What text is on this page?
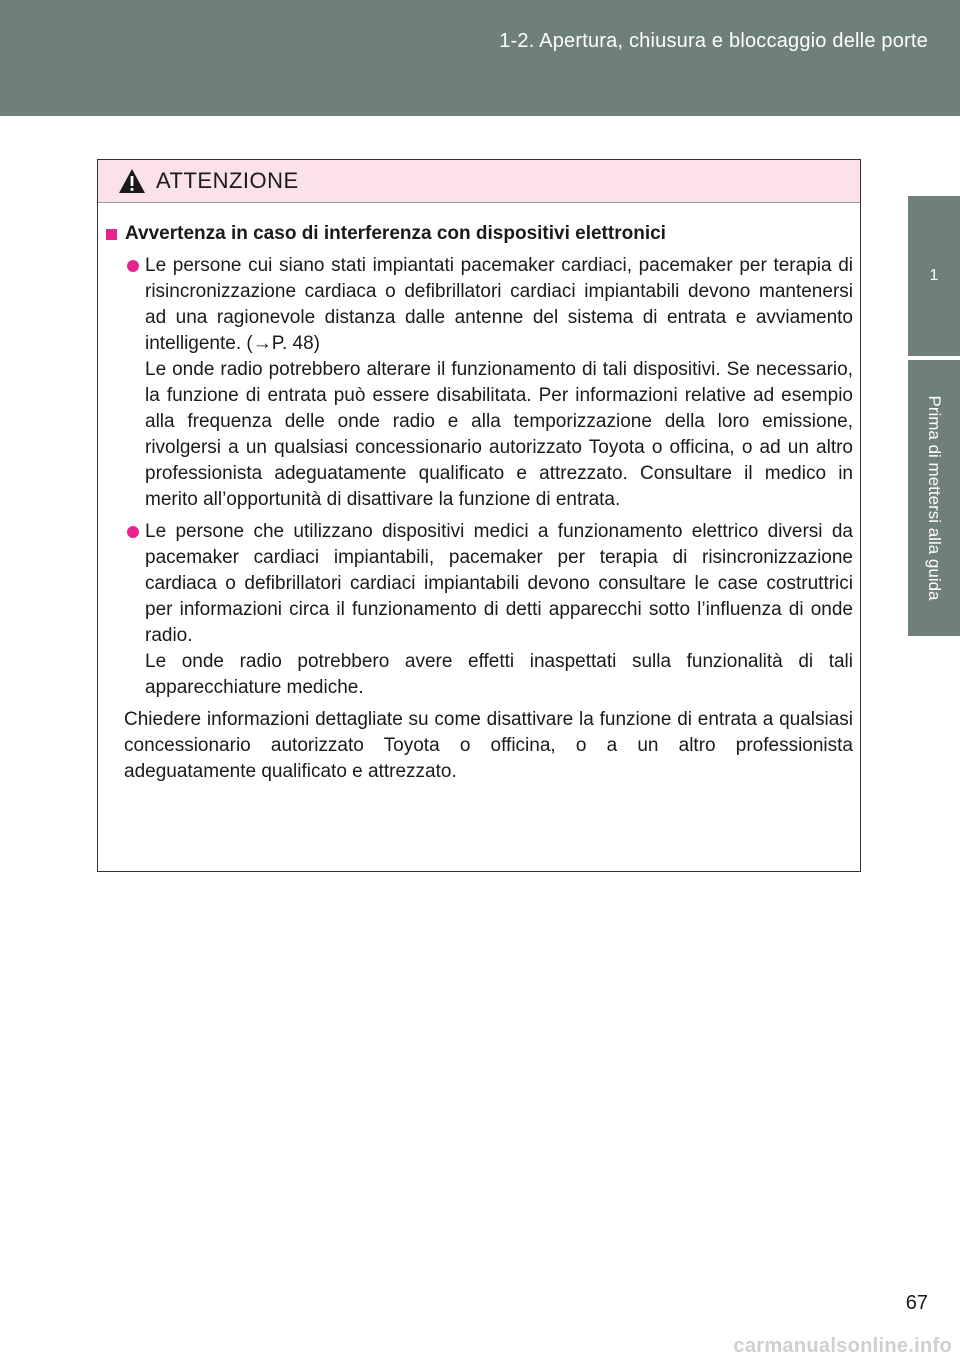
1-2. Apertura, chiusura e bloccaggio delle porte
1
Prima di mettersi alla guida
ATTENZIONE
Avvertenza in caso di interferenza con dispositivi elettronici

Le persone cui siano stati impiantati pacemaker cardiaci, pacemaker per terapia di risincronizzazione cardiaca o defibrillatori cardiaci impiantabili devono mantenersi ad una ragionevole distanza dalle antenne del sistema di entrata e avviamento intelligente. (→P. 48)

Le onde radio potrebbero alterare il funzionamento di tali dispositivi. Se necessario, la funzione di entrata può essere disabilitata. Per informazioni relative ad esempio alla frequenza delle onde radio e alla temporizzazione della loro emissione, rivolgersi a un qualsiasi concessionario autorizzato Toyota o officina, o ad un altro professionista adeguatamente qualificato e attrezzato. Consultare il medico in merito all’opportunità di disattivare la funzione di entrata.

Le persone che utilizzano dispositivi medici a funzionamento elettrico diversi da pacemaker cardiaci impiantabili, pacemaker per terapia di risincronizzazione cardiaca o defibrillatori cardiaci impiantabili devono consultare le case costruttrici per informazioni circa il funzionamento di detti apparecchi sotto l’influenza di onde radio.

Le onde radio potrebbero avere effetti inaspettati sulla funzionalità di tali apparecchiature mediche.

Chiedere informazioni dettagliate su come disattivare la funzione di entrata a qualsiasi concessionario autorizzato Toyota o officina, o a un altro professionista adeguatamente qualificato e attrezzato.

67
carmanualsonline.info
